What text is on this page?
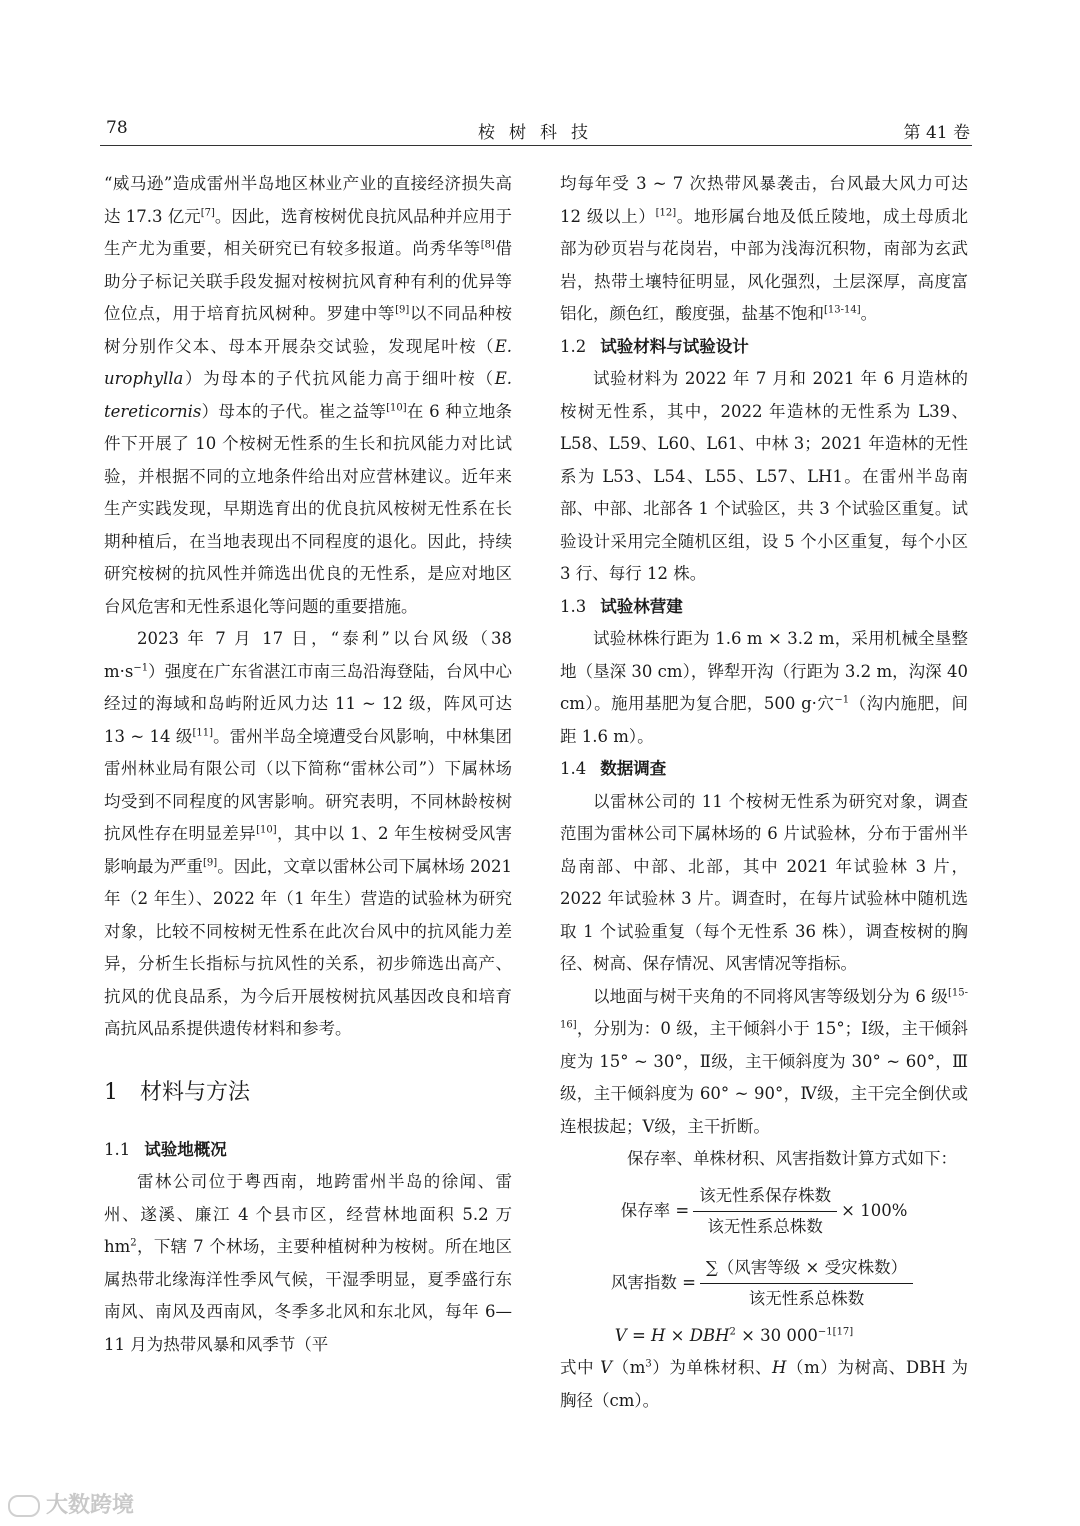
78	桉树科技	第 41 卷

“威马逊”造成雷州半岛地区林业产业的直接经济损失高达 17.3 亿元[7]。因此，选育桉树优良抗风品种并应用于生产尤为重要，相关研究已有较多报道。尚秀华等[8]借助分子标记关联手段发掘对桉树抗风育种有利的优异等位位点，用于培育抗风树种。罗建中等[9]以不同品种桉树分别作父本、母本开展杂交试验，发现尾叶桉（E. urophylla）为母本的子代抗风能力高于细叶桉（E. tereticornis）母本的子代。崔之益等[10]在 6 种立地条件下开展了 10 个桉树无性系的生长和抗风能力对比试验，并根据不同的立地条件给出对应营林建议。近年来生产实践发现，早期选育出的优良抗风桉树无性系在长期种植后，在当地表现出不同程度的退化。因此，持续研究桉树的抗风性并筛选出优良的无性系，是应对地区台风危害和无性系退化等问题的重要措施。

2023 年 7 月 17 日，“泰利”以台风级（38 $m\cdot s^{-1}$）强度在广东省湛江市南三岛沿海登陆，台风中心经过的海域和岛屿附近风力达 11 ~ 12 级，阵风可达 13 ~ 14 级[11]。雷州半岛全境遭受台风影响，中林集团雷州林业局有限公司（以下简称“雷林公司”）下属林场均受到不同程度的风害影响。研究表明，不同林龄桉树抗风性存在明显差异[10]，其中以 1、2 年生桉树受风害影响最为严重[9]。因此，文章以雷林公司下属林场 2021 年（2 年生）、2022 年（1 年生）营造的试验林为研究对象，比较不同桉树无性系在此次台风中的抗风能力差异，分析生长指标与抗风性的关系，初步筛选出高产、抗风的优良品系，为今后开展桉树抗风基因改良和培育高抗风品系提供遗传材料和参考。

1 材料与方法

1.1 试验地概况

雷林公司位于粤西南，地跨雷州半岛的徐闻、雷州、遂溪、廉江 4 个县市区，经营林地面积 5.2 万 $hm^2$，下辖 7 个林场，主要种植树种为桉树。所在地区属热带北缘海洋性季风气候，干湿季明显，夏季盛行东南风、南风及西南风，冬季多北风和东北风，每年 6—11 月为热带风暴和风季节（平

均每年受 3 ~ 7 次热带风暴袭击，台风最大风力可达 12 级以上）[12]。地形属台地及低丘陵地，成土母质北部为砂页岩与花岗岩，中部为浅海沉积物，南部为玄武岩，热带土壤特征明显，风化强烈，土层深厚，高度富铝化，颜色红，酸度强，盐基不饱和[13-14]。

1.2 试验材料与试验设计

试验材料为 2022 年 7 月和 2021 年 6 月造林的桉树无性系，其中，2022 年造林的无性系为 L39、L58、L59、L60、L61、中林 3；2021 年造林的无性系为 L53、L54、L55、L57、LH1。在雷州半岛南部、中部、北部各 1 个试验区，共 3 个试验区重复。试验设计采用完全随机区组，设 5 个小区重复，每个小区 3 行、每行 12 株。

1.3 试验林营建

试验林株行距为 1.6 m × 3.2 m，采用机械全垦整地（垦深 30 cm），铧犁开沟（行距为 3.2 m，沟深 40 cm）。施用基肥为复合肥，500 g·穴$^{-1}$（沟内施肥，间距 1.6 m）。

1.4 数据调查

以雷林公司的 11 个桉树无性系为研究对象，调查范围为雷林公司下属林场的 6 片试验林，分布于雷州半岛南部、中部、北部，其中 2021 年试验林 3 片，2022 年试验林 3 片。调查时，在每片试验林中随机选取 1 个试验重复（每个无性系 36 株），调查桉树的胸径、树高、保存情况、风害情况等指标。

以地面与树干夹角的不同将风害等级划分为 6 级[15-16]，分别为：0 级，主干倾斜小于 15°；Ⅰ级，主干倾斜度为 15° ~ 30°，Ⅱ级，主干倾斜度为 30° ~ 60°，Ⅲ级，主干倾斜度为 60° ~ 90°，Ⅳ级，主干完全倒伏或连根拔起；Ⅴ级，主干折断。

保存率、单株材积、风害指数计算方式如下：

保存率 = $\frac{\text{该无性系保存株数}}{\text{该无性系总株数}} \times 100\%$
风害指数 = $\frac{\text{∑（风害等级 × 受灾株数）}}{\text{该无性系总株数}}$

$V = H \times DBH^2 \times 30$ $000^{-1[17]}$

式中 $V(m^3)$为单株材积、H（m）为树高、DBH 为胸径（cm）。

大数跨境
